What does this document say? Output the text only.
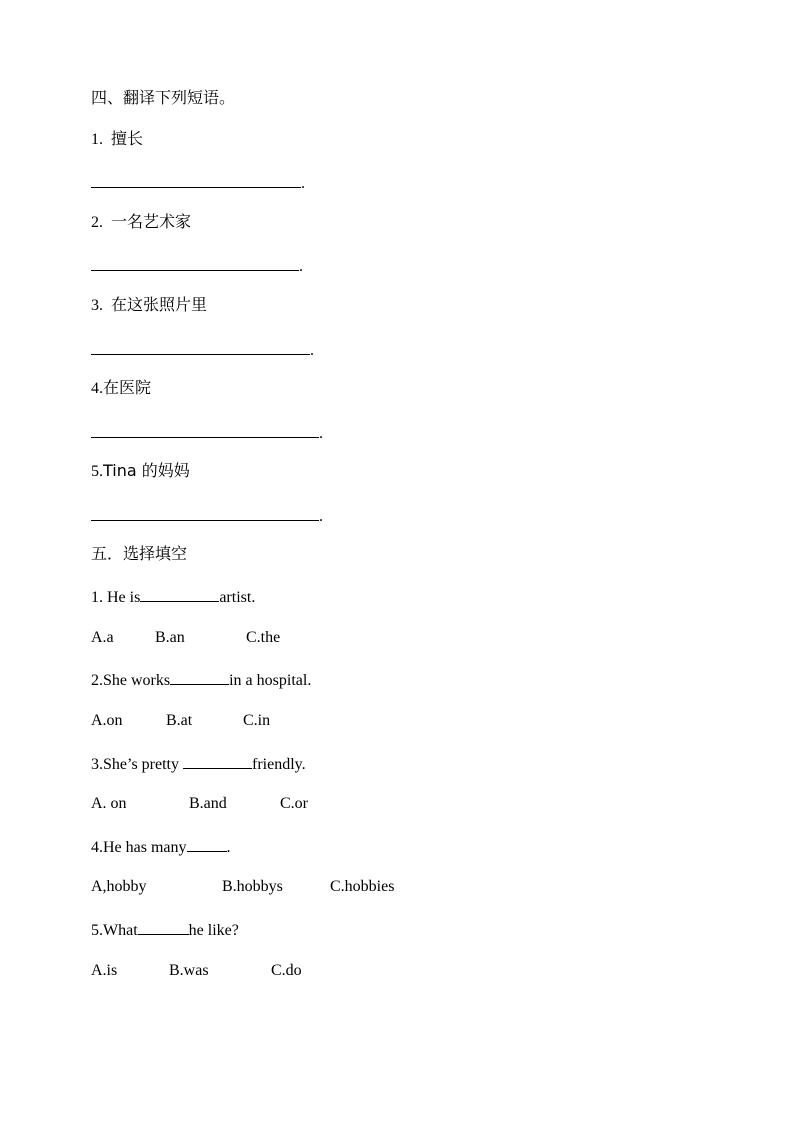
四、翻译下列短语。
1. 擅长
.
2. 一名艺术家
.
3. 在这张照片里
.
4.在医院
.
5.Tina 的妈妈
.
五．选择填空
1. He is	artist.
A.a	B.an	C.the
2.She works	in a hospital.
A.on	B.at	C.in
3.She’s pretty	friendly.
A. on	B.and	C.or
4.He has many	.
A,hobby	B.hobbys	C.hobbies
5.What	he like?
A.is	B.was	C.do
